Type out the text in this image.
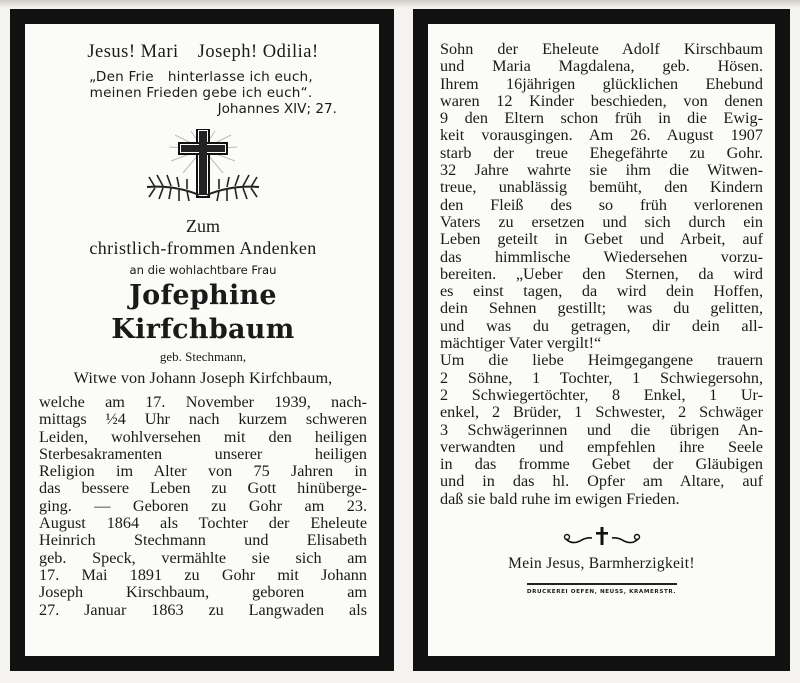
Jesus! Mari Joseph! Odilia!
„Den Frie  hinterlasse ich euch,
meinen Frieden gebe ich euch“.
Johannes XIV; 27.
Zum
christlich-frommen Andenken
an die wohlachtbare Frau
Jofephine Kirfchbaum
geb. Stechmann,
Witwe von Johann Joseph Kirfchbaum,
welche am 17. November 1939, nach-
mittags ½4 Uhr nach kurzem schweren
Leiden, wohlversehen mit den heiligen
Sterbesakramenten unserer heiligen
Religion im Alter von 75 Jahren in
das bessere Leben zu Gott hinüberge-
ging. — Geboren zu Gohr am 23.
August 1864 als Tochter der Eheleute
Heinrich Stechmann und Elisabeth
geb. Speck, vermählte sie sich am
17. Mai 1891 zu Gohr mit Johann
Joseph Kirschbaum, geboren am
27. Januar 1863 zu Langwaden als
Sohn der Eheleute Adolf Kirschbaum
und Maria Magdalena, geb. Hösen.
Ihrem 16jährigen glücklichen Ehebund
waren 12 Kinder beschieden, von denen
9 den Eltern schon früh in die Ewig-
keit vorausgingen. Am 26. August 1907
starb der treue Ehegefährte zu Gohr.
32 Jahre wahrte sie ihm die Witwen-
treue, unablässig bemüht, den Kindern
den Fleiß des so früh verlorenen
Vaters zu ersetzen und sich durch ein
Leben geteilt in Gebet und Arbeit, auf
das himmlische Wiedersehen vorzu-
bereiten. „Ueber den Sternen, da wird
es einst tagen, da wird dein Hoffen,
dein Sehnen gestillt; was du gelitten,
und was du getragen, dir dein all-
mächtiger Vater vergilt!“
Um die liebe Heimgegangene trauern
2 Söhne, 1 Tochter, 1 Schwiegersohn,
2 Schwiegertöchter, 8 Enkel, 1 Ur-
enkel, 2 Brüder, 1 Schwester, 2 Schwäger
3 Schwägerinnen und die übrigen An-
verwandten und empfehlen ihre Seele
in das fromme Gebet der Gläubigen
und in das hl. Opfer am Altare, auf
daß sie bald ruhe im ewigen Frieden.
Mein Jesus, Barmherzigkeit!
DRUCKEREI OEFEN, NEUSS, KRAMERSTR.
